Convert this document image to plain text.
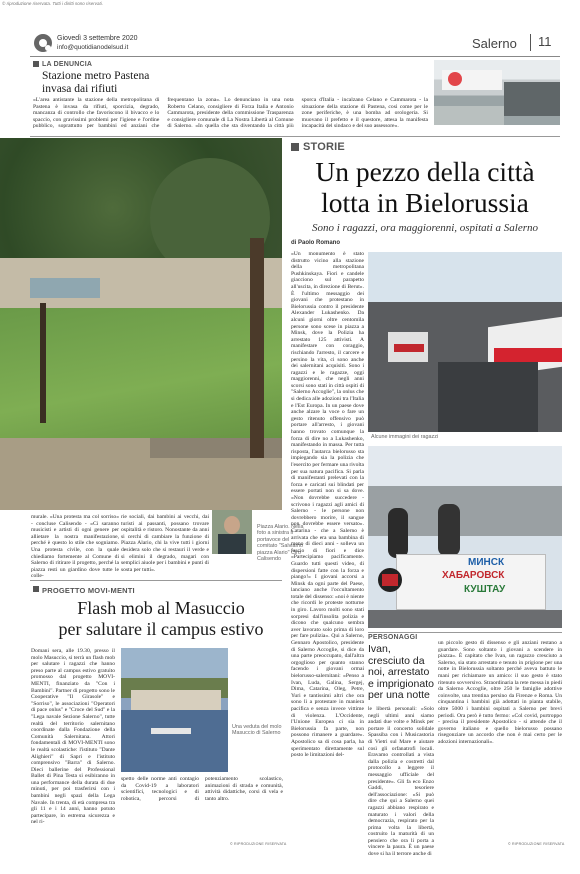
© riproduzione riservata. Tutti i diritti sono riservati.
Giovedì 3 settembre 2020
info@quotidianodelsud.it	Salerno 11
LA DENUNCIA
Stazione metro Pastena
invasa dai rifiuti
«L'area antistante la stazione della metropolitana di Pastena è invasa da rifiuti, sporcizia, degrado, mancanza di controllo che favoriscono il bivacco e lo spaccio, con gravissimi problemi per l'igiene e l'ordine pubblico, soprattutto per bambini ed anziani che frequentano la zona». Lo denunciano in una nota Roberto Celano, consigliere di Forza Italia e Antonio Cammarota, presidente della commissione Trasparenza e consigliere comunale di La Nostra Libertà al Comune di Salerno. «In quella che sta diventando la città più sporca d'Italia - incalzano Celano e Cammarota - la situazione della stazione di Pastena, così come per le zone periferiche, è una bomba ad orologeria. Si muovano il prefetto e il questore, attesa la manifesta incapacità del sindaco e del suo assessore».
murale. «Una protesta ma col sorriso» - concluse Calisendo - «Ci saranno musicisti e artisti di ogni genere per allietare la nostra manifestazione, perché è questo lo stile che sogniamo. Una protesta civile, con la quale chiediamo fortemente al Comune di Salerno di ritirare il progetto, perché la piazza resti un giardino dove tutte le colle-
rie sociali, dai bambini ai vecchi, dai turisti ai passanti, possano trovare ospitalità e ristoro. Nonostante da anni si cerchi di cambiare la funzione di Piazza Alario, chi la vive tutti i giorni desidera solo che si restauri il verde e si elimini il degrado, magari con semplici aiuole per i bambini e punti di sosta per tutti».
Piazza Alario. Nella foto a sinistra il portavoce del comitato "Salviamo piazza Alario" Ciro Calisendo
PROGETTO MOVI-MENTI
Flash mob al Masuccio
per salutare il campus estivo
Domani sera, alle 19.30, presso il molo Masuccio, si terrà un flash mob per salutare i ragazzi che hanno preso parte al campus estivo gratuito promosso dal progetto MOVI-MENTI, finanziato da "Con i Bambini". Partner di progetto sono le Cooperative "Il Girasole" e "Sorriso", le associazioni "Operatori di pace onlus" e "Croce del Sud" e la "Lega navale Sezione Salerno", tutte realtà del territorio salernitano coordinate dalla Fondazione della Comunità Salernitana. Attori fondamentali di MOVI-MENTI sono le realtà scolastiche: l'istituto "Dante Alighieri" di Sapri e l'istituto comprensivo "Barra" di Salerno. Dieci ballerine del Professional Ballet di Pina Testa si esibiranno in una performance della durata di due minuti, per poi trasferirsi con i bambini negli spazi della Lega Navale. In trenta, di età compresa tra gli 11 e i 14 anni, hanno potuto partecipare, in estrema sicurezza e nel ri-
Una veduta del molo Masuccio di Salerno
spetto delle norme anti contagio da Covid-19 a laboratori scientifici, tecnologici e di robotica, percorsi di potenziamento scolastico, animazioni di strada e comunità, attività didattiche, corsi di vela e tanto altro.
© RIPRODUZIONE RISERVATA
STORIE
Un pezzo della città
lotta in Bielorussia
Sono i ragazzi, ora maggiorenni, ospitati a Salerno
di Paolo Romano
«Un monumento è stato distrutto vicino alla stazione della metropolitana Pushkinskaya. Fiori e candele giacciono sul parapetto all'uscita, in direzione di Berut». È l'ultimo messaggio dei giovani che protestano in Bielorussia contro il presidente Alexander Lukashenko. Da alcuni giorni oltre centomila persone sono scese in piazza a Minsk, dove la Polizia ha arrestato 125 attivisti. A manifestare con coraggio, rischiando l'arresto, il carcere e persino la vita, ci sono anche dei salernitani acquisiti. Sono i ragazzi e le ragazze, oggi maggiorenni, che negli anni scorsi sono stati in città ospiti di "Salerno Accoglie", la onlus che si dedica alle adozioni tra l'Italia e l'Est Europa. In un paese dove anche alzare la voce o fare un gesto ritenuto offensivo può portare all'arresto, i giovani hanno trovato comunque la forza di dire no a Lukashenko, manifestando in massa. Per tutta risposta, l'autarca bielorusso sta impiegando sia la polizia che l'esercito per fermare una rivolta per sua natura pacifica. Si parla di manifestanti prelevati con la forza e caricati sui blindati per essere portati non si sa dove. «Non dovrebbe succedere - scrivono i ragazzi agli amici di Salerno - le persone non dovrebbero morire, il sangue non dovrebbe essere versato». Catarina - che a Salerno è arrivata che era una bambina di meno di dieci anni - solleva un fascio di fiori e dice «Partecipiamo pacificamente. Guardo tutti questi video, di dispersioni fatte con la forza e piango!» I giovani accorsi a Minsk da ogni parte del Paese, lanciano anche l'occultamento totale del dissenso: «noi è niente che ricordi le proteste notturne in giro. Lavoro molti sono stati sorpresi dall'insolita polizia e dicono che qualcuno sembra aver lavorato solo prima di loro per fare pulizia». Qui a Salerno, Gennaro Apostolico, presidente di Salerno Accoglie, si dice da una parte preoccupato, dall'altra orgoglioso per quanto stanno facendo i giovani ormai bielorusso-salernitani: «Penso a Ivan, Luda, Galina, Sergej, Dima, Catarina, Oleg, Petre, Yuri e tantissimi altri che ora sono lì a protestare in maniera pacifica e senza invece vittime di violenza. L'Occidente, l'Unione Europea ci sia in Bielorussia fa parte, non possono rimanere a guardare». Apostolico sa di cosa parla, ha sperimentato direttamente sul posto le limitazioni del-
Alcune immagini dei ragazzi
МИНСК
ХАБАРОВСК
КУШТАУ
PERSONAGGI
Ivan, cresciuto da noi, arrestato e imprigionato per una notte
le libertà personali: «Solo negli ultimi anni siamo andati due volte e Minsk per portare il concerto solidale Spassiba con i Musicastoria di Vietri sul Mare e aiutare così gli orfanatrofi locali. Eravamo controllati a vista dalla polizia e costretti dal protocollo a leggere il messaggio ufficiale del presidente». Gli fa eco Enzo Gaddi, tesoriere dell'associazione: «Si può dire che qui a Salerno quei ragazzi abbiano respirato e maturato i valori della democrazia, respirato per la prima volta la libertà, costruito la maturità di un pensiero che ora li porta a vincere la paura. È un paese dove si ha il terrore anche di
un piccolo gesto di dissenso e gli anziani restano a guardare. Sono soltanto i giovani a scendere in piazza». È capitato che Ivan, un ragazzo cresciuto a Salerno, sia stato arrestato e tenuto in prigione per una notte in Bielorussia soltanto perché aveva battuto le mani per richiamare un amico: il suo gesto è stato ritenuto sovversivo. Straordinaria la rete messa in piedi da Salerno Accoglie, oltre 250 le famiglie adottive coinvolte, una trentina persino da Firenze e Roma. Un cinquantina i bambini già adottati in pianta stabile, oltre 5000 i bambini ospitati a Salerno per brevi periodi. Ora però è tutto fermo: «Col covid, purtroppo - precisa il presidente Apostolico - si attende che il governo italiano e quello bielorusso possano risegonziare un accordo che non è mai certo per le adozioni internazionali».
© RIPRODUZIONE RISERVATA
